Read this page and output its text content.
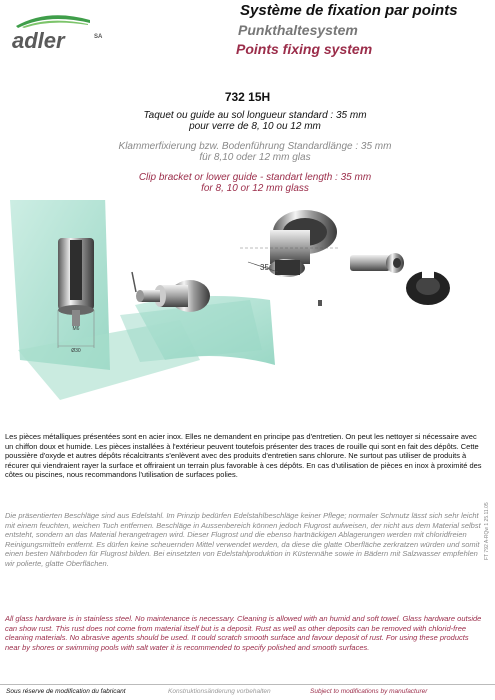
adler	SA
Système de fixation par points
Punkthaltesystem
Points fixing system
732 15H
Taquet ou guide au sol longueur standard : 35 mm
pour verre de 8, 10 ou 12 mm
Klammerfixierung bzw. Bodenführung Standardlänge : 35 mm
für 8,10 oder 12 mm glas
Clip bracket or lower guide - standart length : 35 mm
for 8, 10 or 12 mm glass
M6
Ø30
35
Les pièces métalliques présentées sont en acier inox. Elles ne demandent en principe pas d'entretien. On peut les nettoyer si nécessaire avec un chiffon doux et humide. Les pièces installées à l'extérieur peuvent toutefois présenter des traces de rouille qui sont en fait des dépôts. Cette poussière d'oxyde et autres dépôts récalcitrants s'enlèvent avec des produits d'entretien sans chlorure. Ne surtout pas utiliser de produits à récurer qui viendraient rayer la surface et offriraient un terrain plus favorable à ces dépôts. En cas d'utilisation de pièces en inox à proximité des côtes ou piscines, nous recommandons l'utilisation de surfaces polies.
Die präsentierten Beschläge sind aus Edelstahl. Im Prinzip bedürfen Edelstahlbeschläge keiner Pflege; normaler Schmutz lässt sich sehr leicht mit einem feuchten, weichen Tuch entfernen. Beschläge in Aussenbereich können jedoch Flugrost aufweisen, der nicht aus dem Material selbst entsteht, sondern an das Material herangetragen wird. Dieser Flugrost und die ebenso hartnäckigen Ablagerungen werden mit chloridfreien Reinigungsmitteln entfernt. Es dürfen keine scheuernden Mittel verwendet werden, da diese die glatte Oberfläche zerkratzen würden und somit einen besten Nährboden für Flugrost bilden. Bei einsetzten von Edelstahlproduktion in Küstennähe sowie in Bädern mit Salzwasser empfehlen wir polierte, glatte Oberflächen.
All glass hardware is in stainless steel. No maintenance is necessary. Cleaning is allowed with an humid and soft towel. Glass hardware outside can show rust. This rust does not come from material itself but is a deposit. Rust as well as other deposits can be removed with chlorid-free cleaning materials. No abrasive agents should be used. It could scratch smooth surface and favour deposit of rust. For using these products near by shores or swimming pools with salt water it is recommended to specify polished and smooth surfaces.
FT 792 A-RQw 1 25.11.05
Sous réserve de modification du fabricant	Konstruktionsänderung vorbehalten	Subject to modifications by manufacturer
